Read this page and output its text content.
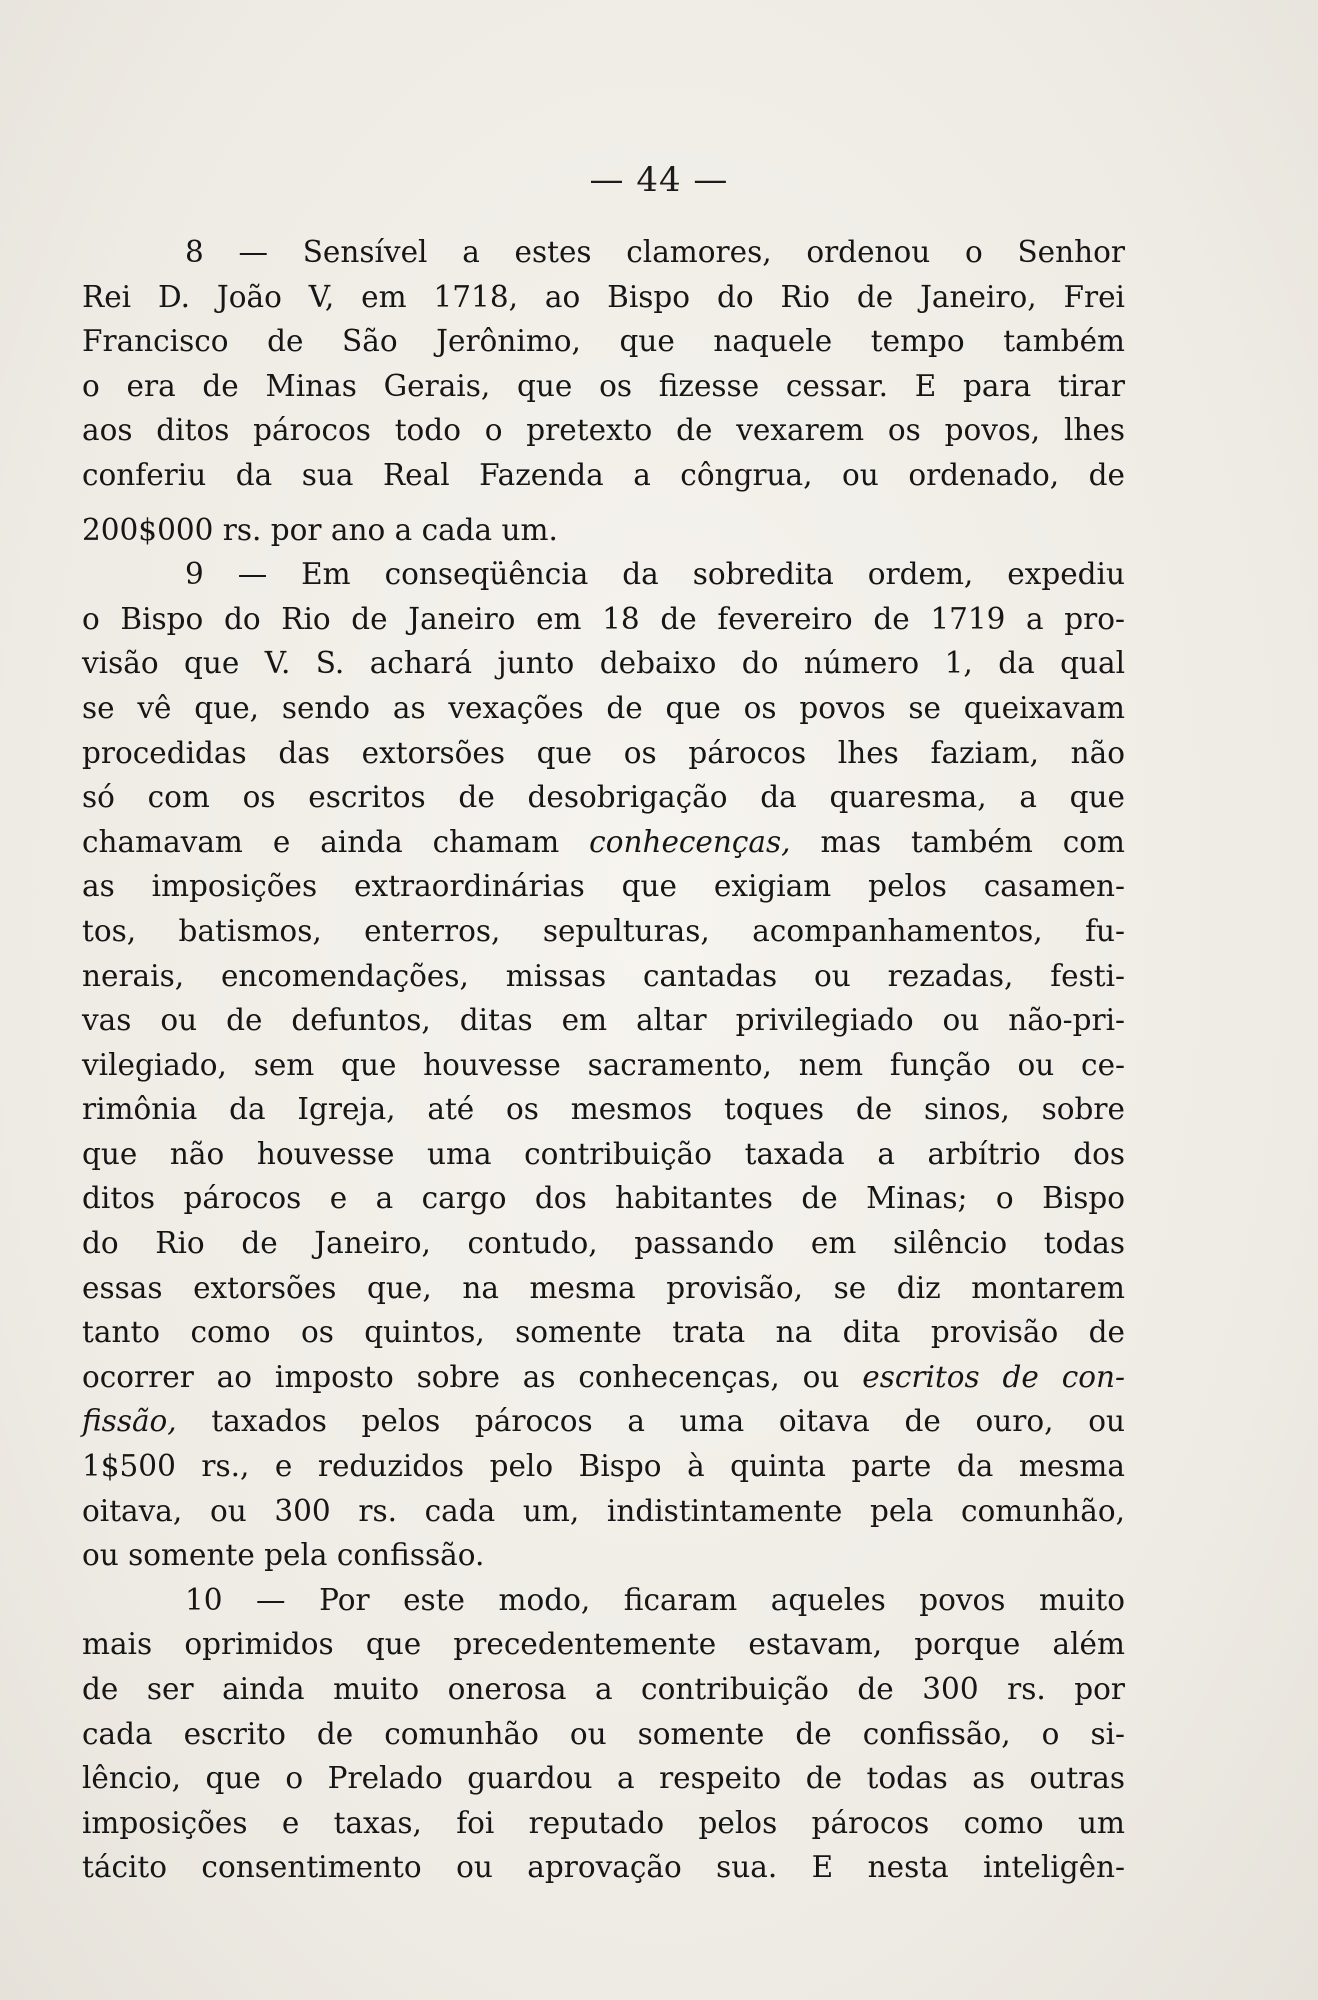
— 44 —
8 — Sensível a estes clamores, ordenou o Senhor
Rei D. João V, em 1718, ao Bispo do Rio de Janeiro, Frei
Francisco de São Jerônimo, que naquele tempo também
o era de Minas Gerais, que os fizesse cessar. E para tirar
aos ditos párocos todo o pretexto de vexarem os povos, lhes
conferiu da sua Real Fazenda a côngrua, ou ordenado, de
200$000 rs. por ano a cada um.
9 — Em conseqüência da sobredita ordem, expediu
o Bispo do Rio de Janeiro em 18 de fevereiro de 1719 a pro-
visão que V. S. achará junto debaixo do número 1, da qual
se vê que, sendo as vexações de que os povos se queixavam
procedidas das extorsões que os párocos lhes faziam, não
só com os escritos de desobrigação da quaresma, a que
chamavam e ainda chamam conhecenças, mas também com
as imposições extraordinárias que exigiam pelos casamen-
tos, batismos, enterros, sepulturas, acompanhamentos, fu-
nerais, encomendações, missas cantadas ou rezadas, festi-
vas ou de defuntos, ditas em altar privilegiado ou não-pri-
vilegiado, sem que houvesse sacramento, nem função ou ce-
rimônia da Igreja, até os mesmos toques de sinos, sobre
que não houvesse uma contribuição taxada a arbítrio dos
ditos párocos e a cargo dos habitantes de Minas; o Bispo
do Rio de Janeiro, contudo, passando em silêncio todas
essas extorsões que, na mesma provisão, se diz montarem
tanto como os quintos, somente trata na dita provisão de
ocorrer ao imposto sobre as conhecenças, ou escritos de con-
fissão, taxados pelos párocos a uma oitava de ouro, ou
1$500 rs., e reduzidos pelo Bispo à quinta parte da mesma
oitava, ou 300 rs. cada um, indistintamente pela comunhão,
ou somente pela confissão.
10 — Por este modo, ficaram aqueles povos muito
mais oprimidos que precedentemente estavam, porque além
de ser ainda muito onerosa a contribuição de 300 rs. por
cada escrito de comunhão ou somente de confissão, o si-
lêncio, que o Prelado guardou a respeito de todas as outras
imposições e taxas, foi reputado pelos párocos como um
tácito consentimento ou aprovação sua. E nesta inteligên-
